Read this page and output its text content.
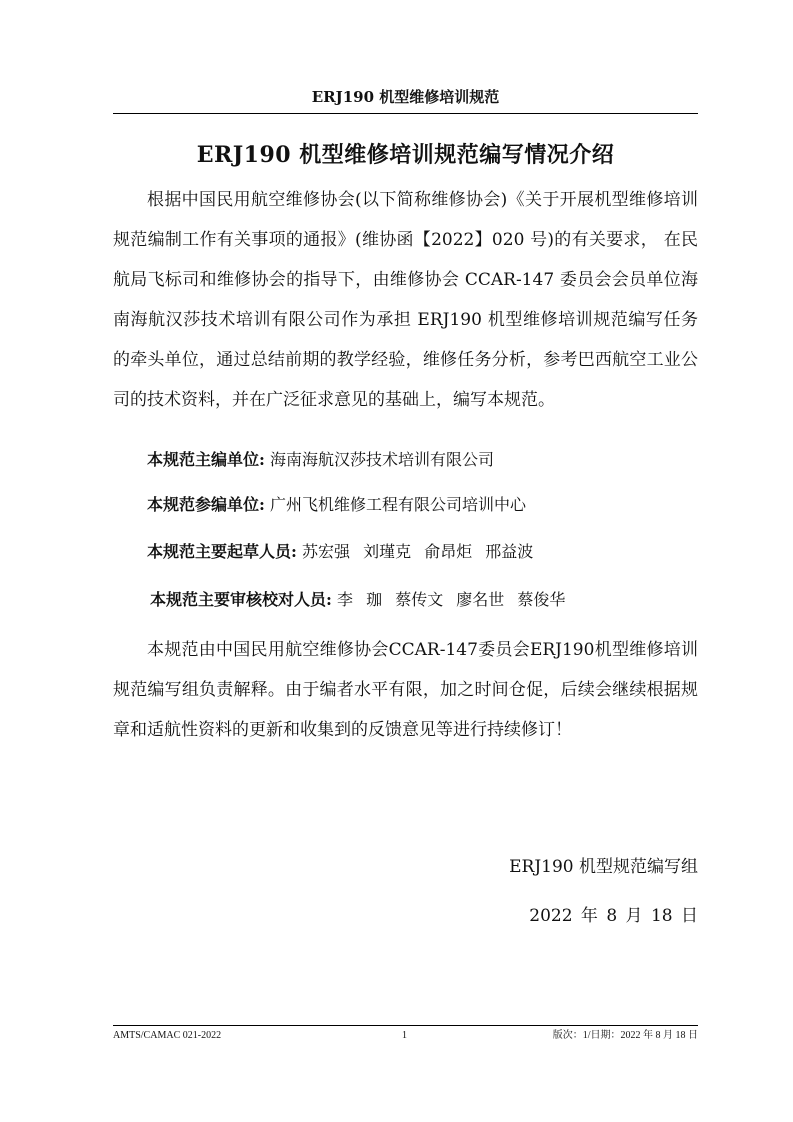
ERJ190 机型维修培训规范
ERJ190 机型维修培训规范编写情况介绍

根据中国民用航空维修协会(以下简称维修协会)《关于开展机型维修培训规范编制工作有关事项的通报》(维协函【2022】020 号)的有关要求， 在民航局飞标司和维修协会的指导下，由维修协会 CCAR-147 委员会会员单位海南海航汉莎技术培训有限公司作为承担 ERJ190 机型维修培训规范编写任务的牵头单位，通过总结前期的教学经验，维修任务分析，参考巴西航空工业公司的技术资料，并在广泛征求意见的基础上，编写本规范。

本规范主编单位: 海南海航汉莎技术培训有限公司
本规范参编单位: 广州飞机维修工程有限公司培训中心
本规范主要起草人员: 苏宏强 刘瑾克 俞昂炬 邢益波
本规范主要审核校对人员: 李 珈 蔡传文 廖名世 蔡俊华

本规范由中国民用航空维修协会CCAR-147委员会ERJ190机型维修培训规范编写组负责解释。由于编者水平有限，加之时间仓促，后续会继续根据规章和适航性资料的更新和收集到的反馈意见等进行持续修订！

ERJ190 机型规范编写组
2022 年 8 月 18 日
AMTS/CAMAC 021-2022	1	版次：1/日期：2022 年 8 月 18 日
